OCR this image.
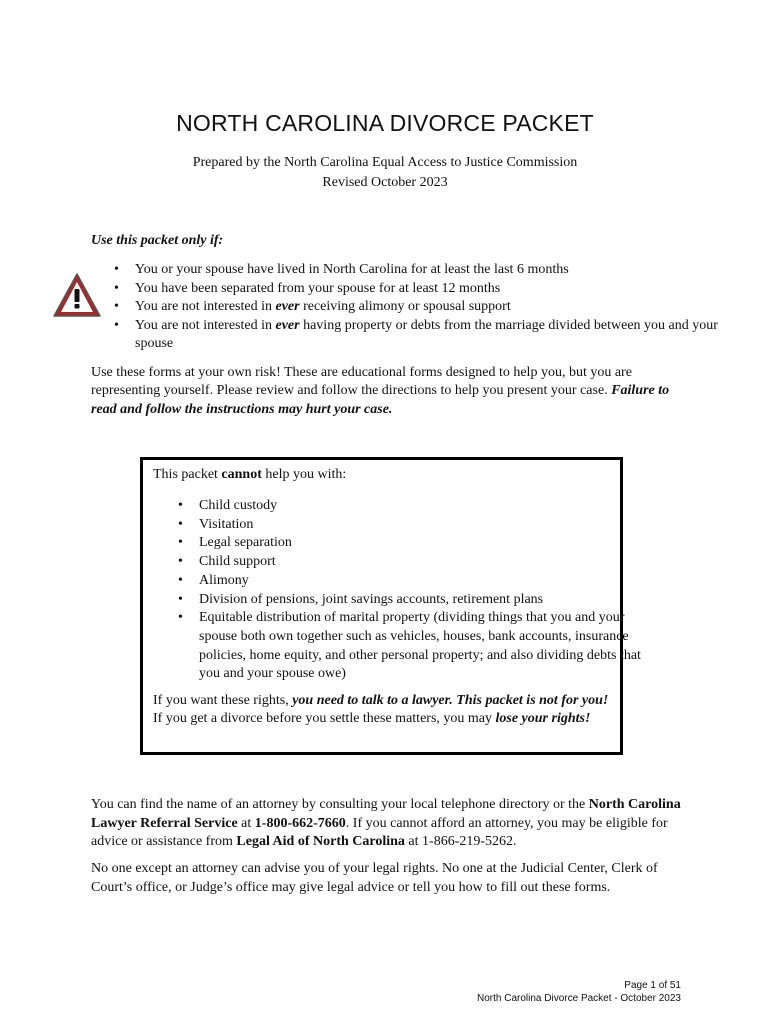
NORTH CAROLINA DIVORCE PACKET
Prepared by the North Carolina Equal Access to Justice Commission
Revised October 2023
Use this packet only if:
• You or your spouse have lived in North Carolina for at least the last 6 months
• You have been separated from your spouse for at least 12 months
• You are not interested in ever receiving alimony or spousal support
• You are not interested in ever having property or debts from the marriage divided between you and your spouse
Use these forms at your own risk! These are educational forms designed to help you, but you are representing yourself. Please review and follow the directions to help you present your case. Failure to read and follow the instructions may hurt your case.
This packet cannot help you with:
• Child custody
• Visitation
• Legal separation
• Child support
• Alimony
• Division of pensions, joint savings accounts, retirement plans
• Equitable distribution of marital property (dividing things that you and your spouse both own together such as vehicles, houses, bank accounts, insurance policies, home equity, and other personal property; and also dividing debts that you and your spouse owe)
If you want these rights, you need to talk to a lawyer. This packet is not for you! If you get a divorce before you settle these matters, you may lose your rights!
You can find the name of an attorney by consulting your local telephone directory or the North Carolina Lawyer Referral Service at 1-800-662-7660. If you cannot afford an attorney, you may be eligible for advice or assistance from Legal Aid of North Carolina at 1-866-219-5262.
No one except an attorney can advise you of your legal rights. No one at the Judicial Center, Clerk of Court’s office, or Judge’s office may give legal advice or tell you how to fill out these forms.
Page 1 of 51
North Carolina Divorce Packet - October 2023
